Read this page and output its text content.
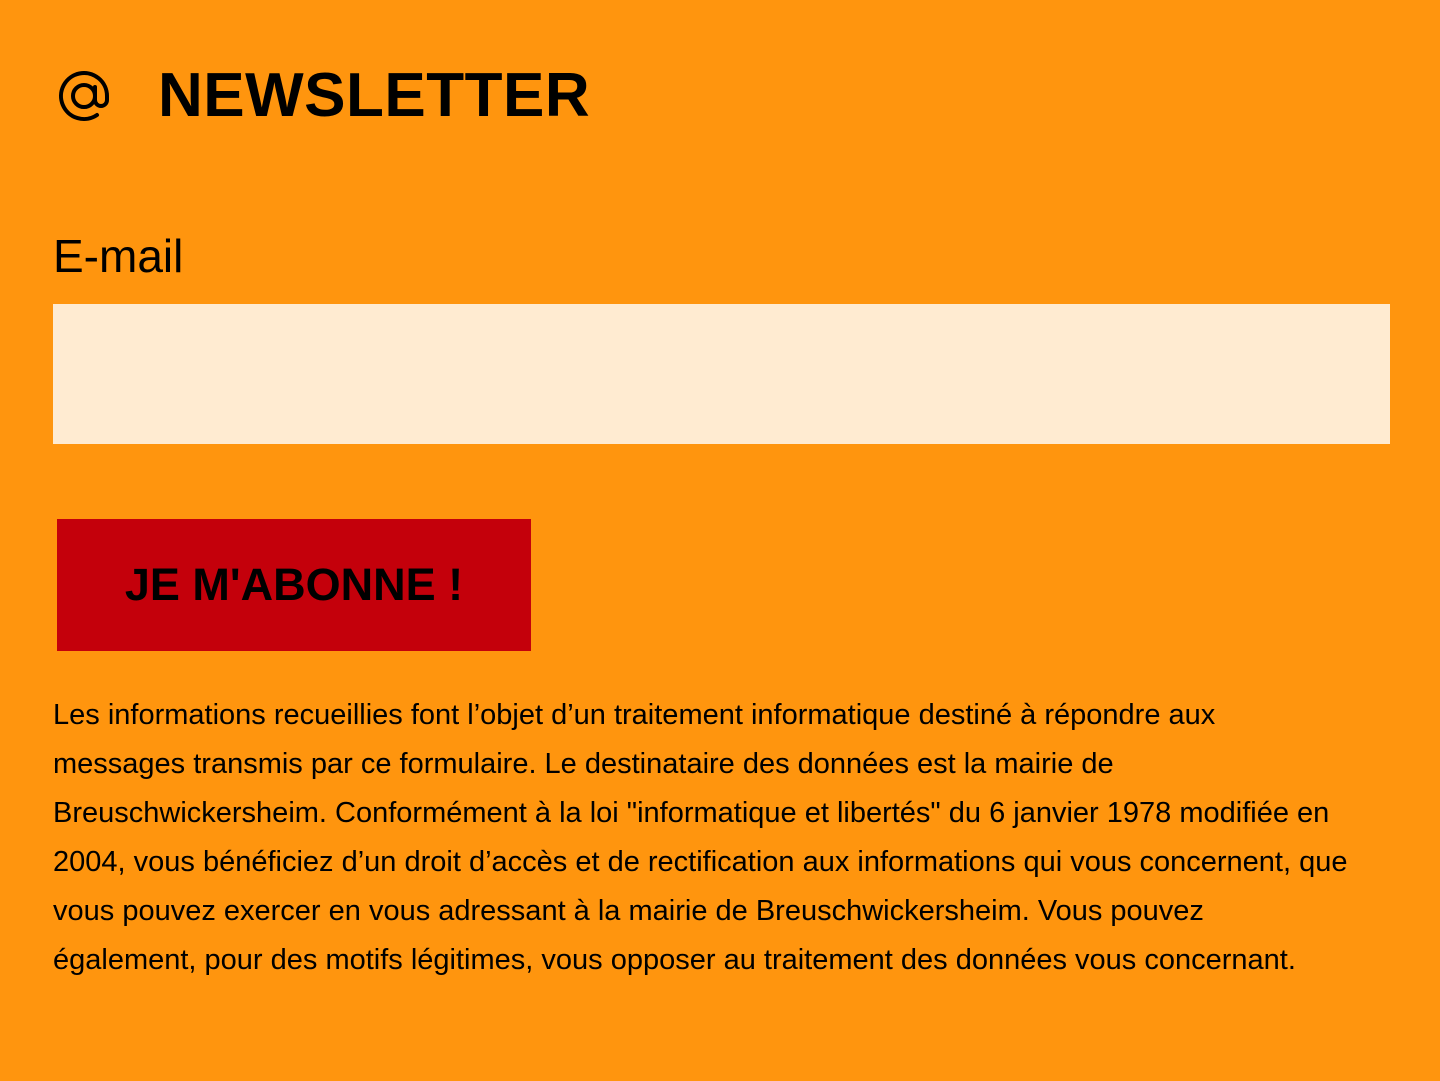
NEWSLETTER
E-mail
JE M'ABONNE !

Les informations recueillies font l’objet d’un traitement informatique destiné à répondre aux messages transmis par ce formulaire. Le destinataire des données est la mairie de Breuschwickersheim. Conformément à la loi "informatique et libertés" du 6 janvier 1978 modifiée en 2004, vous bénéficiez d’un droit d’accès et de rectification aux informations qui vous concernent, que vous pouvez exercer en vous adressant à la mairie de Breuschwickersheim. Vous pouvez également, pour des motifs légitimes, vous opposer au traitement des données vous concernant.
